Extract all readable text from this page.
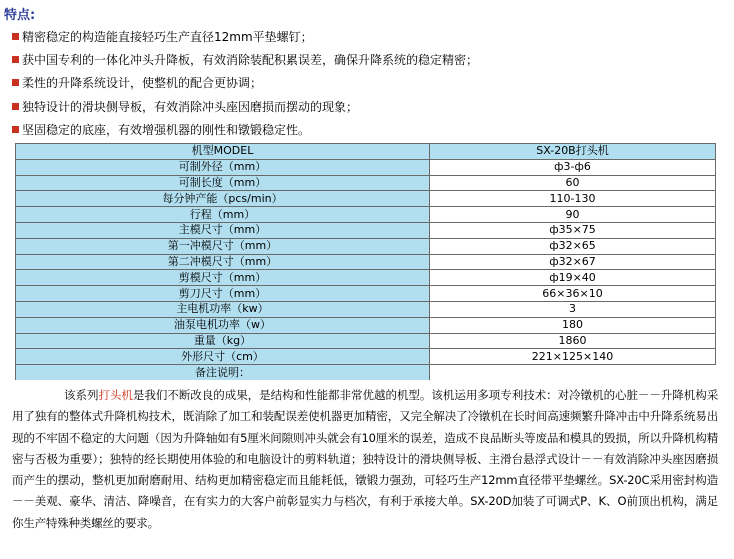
特点:
精密稳定的构造能直接轻巧生产直径12mm平垫螺钉；
获中国专利的一体化冲头升降板，有效消除装配积累误差，确保升降系统的稳定精密；
柔性的升降系统设计，使整机的配合更协调；
独特设计的滑块侧导板，有效消除冲头座因磨损而摆动的现象；
坚固稳定的底座，有效增强机器的刚性和镦锻稳定性。
机型MODEL	SX-20B打头机
可制外径（mm）	ф3-ф6
可制长度（mm）	60
每分钟产能（pcs/min）	110-130
行程（mm）	90
主模尺寸（mm）	ф35×75
第一冲模尺寸（mm）	ф32×65
第二冲模尺寸（mm）	ф32×67
剪模尺寸（mm）	ф19×40
剪刀尺寸（mm）	66×36×10
主电机功率（kw）	3
油泵电机功率（w）	180
重量（kg）	1860
外形尺寸（cm）	221×125×140
备注说明：	
该系列打头机是我们不断改良的成果，是结构和性能都非常优越的机型。该机运用多项专利技术：对冷镦机的心脏－－升降机构采用了独有的整体式升降机构技术，既消除了加工和装配误差使机器更加精密，又完全解决了冷镦机在长时间高速频繁升降冲击中升降系统易出现的不牢固不稳定的大问题（因为升降轴如有5厘米间隙则冲头就会有10厘米的误差，造成不良品断头等废品和模具的毁损，所以升降机构精密与否极为重要）；独特的经长期使用体验的和电脑设计的剪料轨道；独特设计的滑块侧导板、主滑台悬浮式设计－－有效消除冲头座因磨损而产生的摆动，整机更加耐磨耐用、结构更加精密稳定而且能耗低，镦锻力强劲，可轻巧生产12mm直径带平垫螺丝。SX-20C采用密封构造－－美观、豪华、清洁、降噪音，在有实力的大客户前彰显实力与档次，有利于承接大单。SX-20D加装了可调式P、K、O前顶出机构，满足你生产特殊种类螺丝的要求。
